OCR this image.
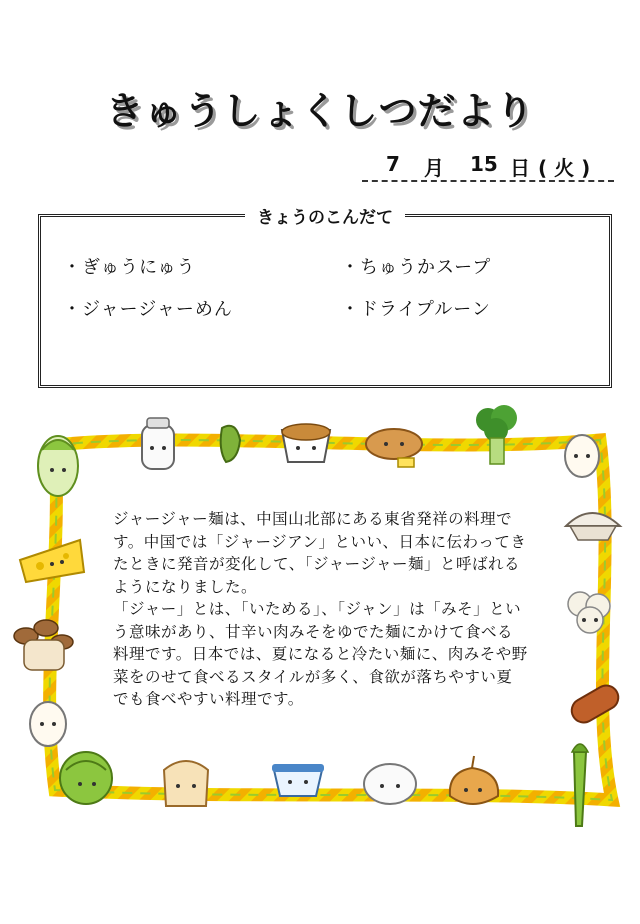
きゅうしょくしつだより
7 月 15 日 ( 火 )
きょうのこんだて
・ぎゅうにゅう	・ちゅうかスープ
・ジャージャーめん	・ドライプルーン
ジャージャー麺は、中国山北部にある東省発祥の料理です。中国では「ジャージアン」といい、日本に伝わってきたときに発音が変化して、「ジャージャー麺」と呼ばれるようになりました。
「ジャー」とは、「いためる」、「ジャン」は「みそ」という意味があり、甘辛い肉みそをゆでた麺にかけて食べる料理です。日本では、夏になると冷たい麺に、肉みそや野菜をのせて食べるスタイルが多く、食欲が落ちやすい夏でも食べやすい料理です。
